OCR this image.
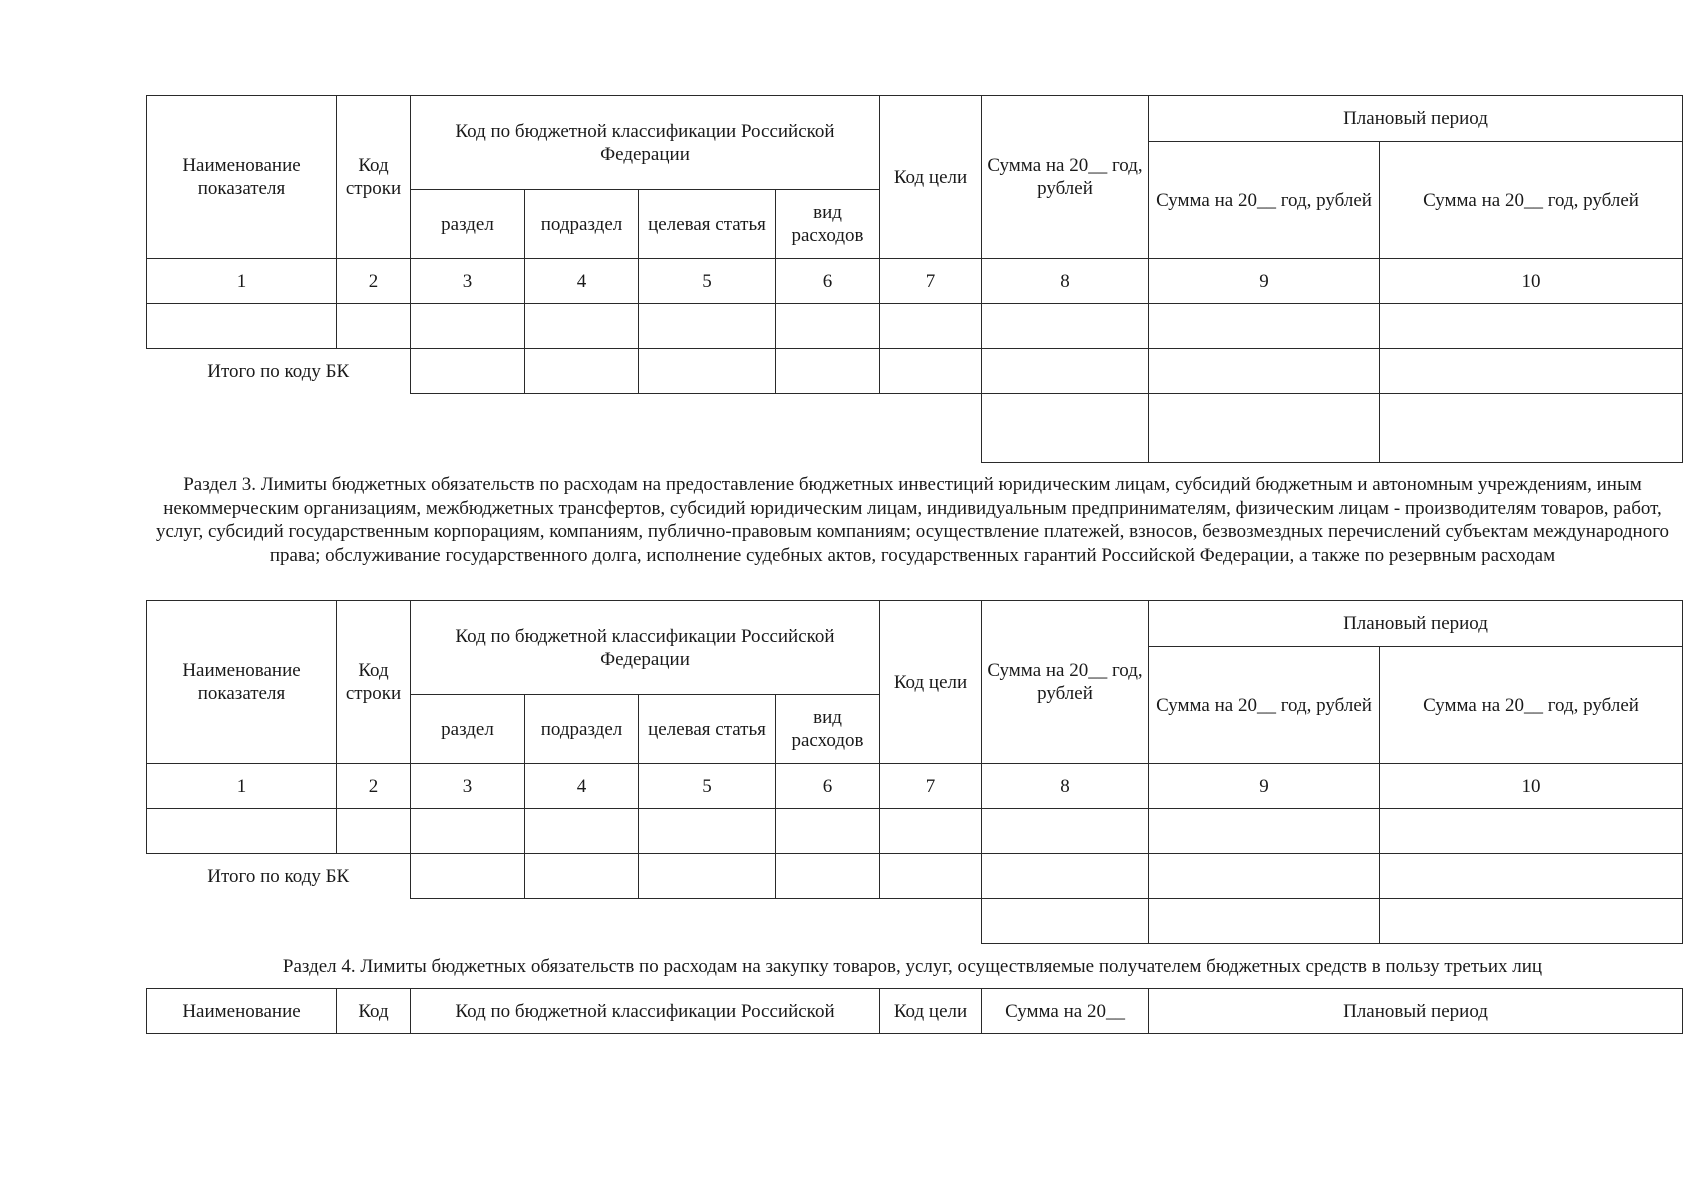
Наименование показателя	Код строки	Код по бюджетной классификации Российской Федерации				Код цели	Сумма на 20__ год, рублей	Плановый период	
								Сумма на 20__ год, рублей	Сумма на 20__ год, рублей
		раздел	подраздел	целевая статья	вид расходов				
1	2	3	4	5	6	7	8	9	10

Итого по коду БК									

Раздел 3. Лимиты бюджетных обязательств по расходам на предоставление бюджетных инвестиций юридическим лицам, субсидий бюджетным и автономным учреждениям, иным некоммерческим организациям, межбюджетных трансфертов, субсидий юридическим лицам, индивидуальным предпринимателям, физическим лицам - производителям товаров, работ, услуг, субсидий государственным корпорациям, компаниям, публично-правовым компаниям; осуществление платежей, взносов, безвозмездных перечислений субъектам международного права; обслуживание государственного долга, исполнение судебных актов, государственных гарантий Российской Федерации, а также по резервным расходам

Наименование показателя	Код строки	Код по бюджетной классификации Российской Федерации				Код цели	Сумма на 20__ год, рублей	Плановый период	
								Сумма на 20__ год, рублей	Сумма на 20__ год, рублей
		раздел	подраздел	целевая статья	вид расходов				
1	2	3	4	5	6	7	8	9	10

Итого по коду БК									

Раздел 4. Лимиты бюджетных обязательств по расходам на закупку товаров, услуг, осуществляемые получателем бюджетных средств в пользу третьих лиц

Наименование	Код	Код по бюджетной классификации Российской	Код цели	Сумма на 20__	Плановый период
